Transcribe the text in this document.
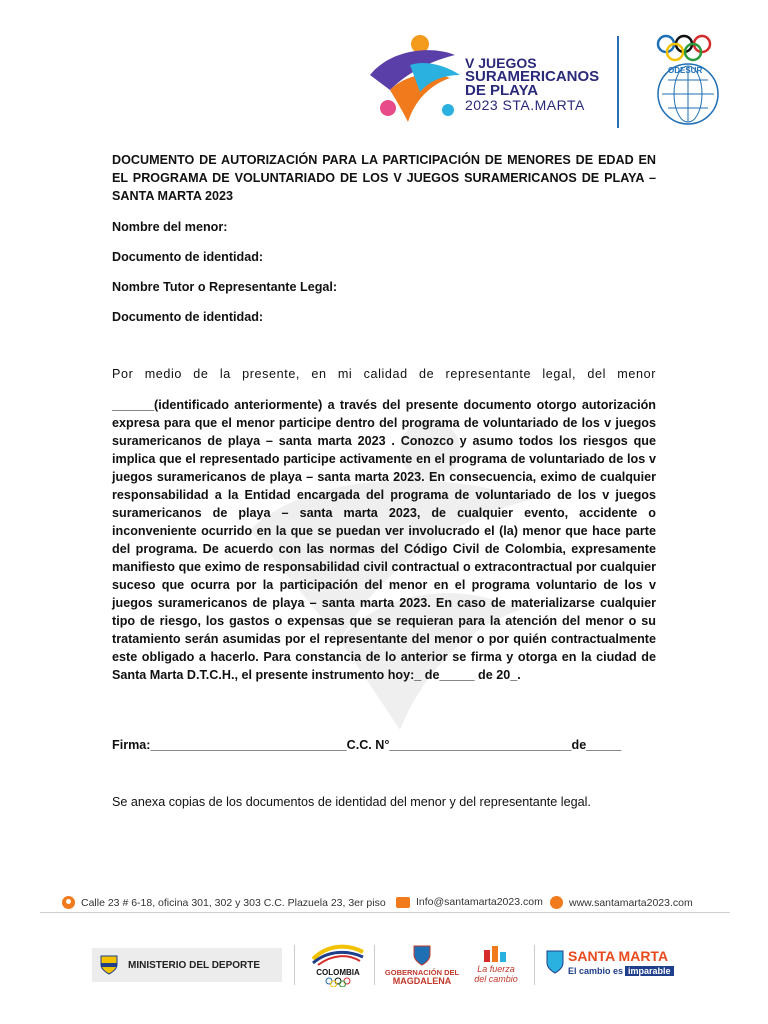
V JUEGOS
SURAMERICANOS
DE PLAYA
2023 STA.MARTA
ODESUR
DOCUMENTO DE AUTORIZACIÓN PARA LA PARTICIPACIÓN DE MENORES DE EDAD EN EL PROGRAMA DE VOLUNTARIADO DE LOS V JUEGOS SURAMERICANOS DE PLAYA – SANTA MARTA 2023
Nombre del menor:
Documento de identidad:
Nombre Tutor o Representante Legal:
Documento de identidad:
Por medio de la presente, en mi calidad de representante legal, del menor
______(identificado anteriormente) a través del presente documento otorgo autorización expresa para que el menor participe dentro del programa de voluntariado de los v juegos suramericanos de playa – santa marta 2023 . Conozco y asumo todos los riesgos que implica que el representado participe activamente en el programa de voluntariado de los v juegos suramericanos de playa – santa marta 2023. En consecuencia, eximo de cualquier responsabilidad a la Entidad encargada del programa de voluntariado de los v juegos suramericanos de playa – santa marta 2023, de cualquier evento, accidente o inconveniente ocurrido en la que se puedan ver involucrado el (la) menor que hace parte del programa. De acuerdo con las normas del Código Civil de Colombia, expresamente manifiesto que eximo de responsabilidad civil contractual o extracontractual por cualquier suceso que ocurra por la participación del menor en el programa voluntario de los v juegos suramericanos de playa – santa marta 2023. En caso de materializarse cualquier tipo de riesgo, los gastos o expensas que se requieran para la atención del menor o su tratamiento serán asumidas por el representante del menor o por quién contractualmente este obligado a hacerlo. Para constancia de lo anterior se firma y otorga en la ciudad de Santa Marta D.T.C.H., el presente instrumento hoy:_ de_____ de 20_.
Firma:____________________________C.C. N°__________________________de_____
Se anexa copias de los documentos de identidad del menor y del representante legal.
Calle 23 # 6-18, oficina 301, 302 y 303 C.C. Plazuela 23, 3er piso	Info@santamarta2023.com www.santamarta2023.com
MINISTERIO DEL DEPORTE
COLOMBIA	GOBERNACIÓN DEL
MAGDALENA
La fuerza
del cambio
SANTA MARTA
El cambio es imparable
